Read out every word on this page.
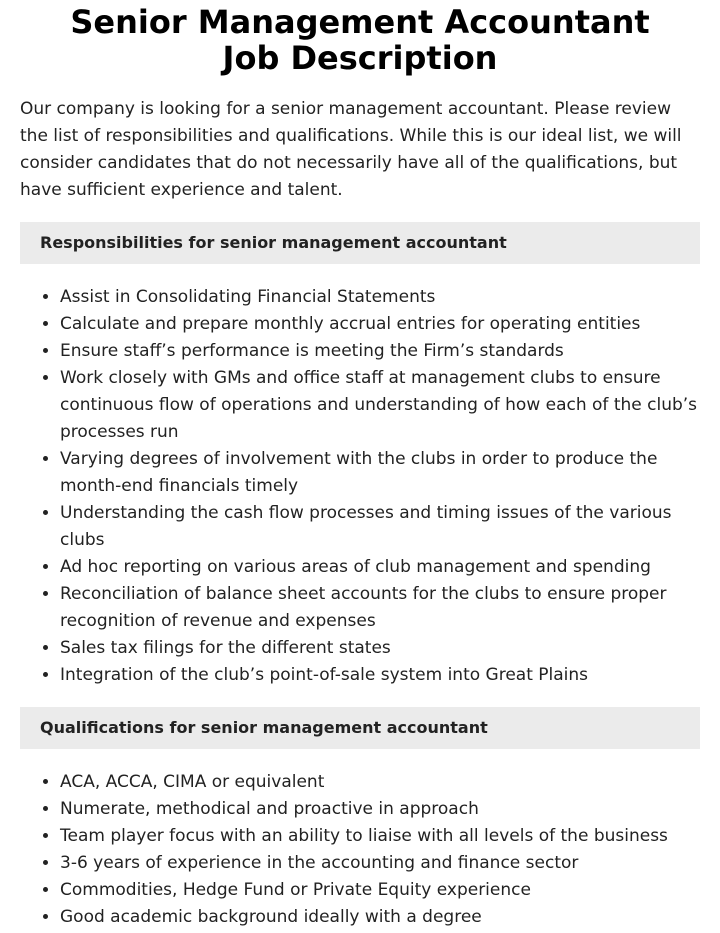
Senior Management Accountant Job Description

Our company is looking for a senior management accountant. Please review the list of responsibilities and qualifications. While this is our ideal list, we will consider candidates that do not necessarily have all of the qualifications, but have sufficient experience and talent.

Responsibilities for senior management accountant
• Assist in Consolidating Financial Statements
• Calculate and prepare monthly accrual entries for operating entities
• Ensure staff’s performance is meeting the Firm’s standards
• Work closely with GMs and office staff at management clubs to ensure continuous flow of operations and understanding of how each of the club’s processes run
• Varying degrees of involvement with the clubs in order to produce the month-end financials timely
• Understanding the cash flow processes and timing issues of the various clubs
• Ad hoc reporting on various areas of club management and spending
• Reconciliation of balance sheet accounts for the clubs to ensure proper recognition of revenue and expenses
• Sales tax filings for the different states
• Integration of the club’s point-of-sale system into Great Plains
Qualifications for senior management accountant
• ACA, ACCA, CIMA or equivalent
• Numerate, methodical and proactive in approach
• Team player focus with an ability to liaise with all levels of the business
• 3-6 years of experience in the accounting and finance sector
• Commodities, Hedge Fund or Private Equity experience
• Good academic background ideally with a degree
